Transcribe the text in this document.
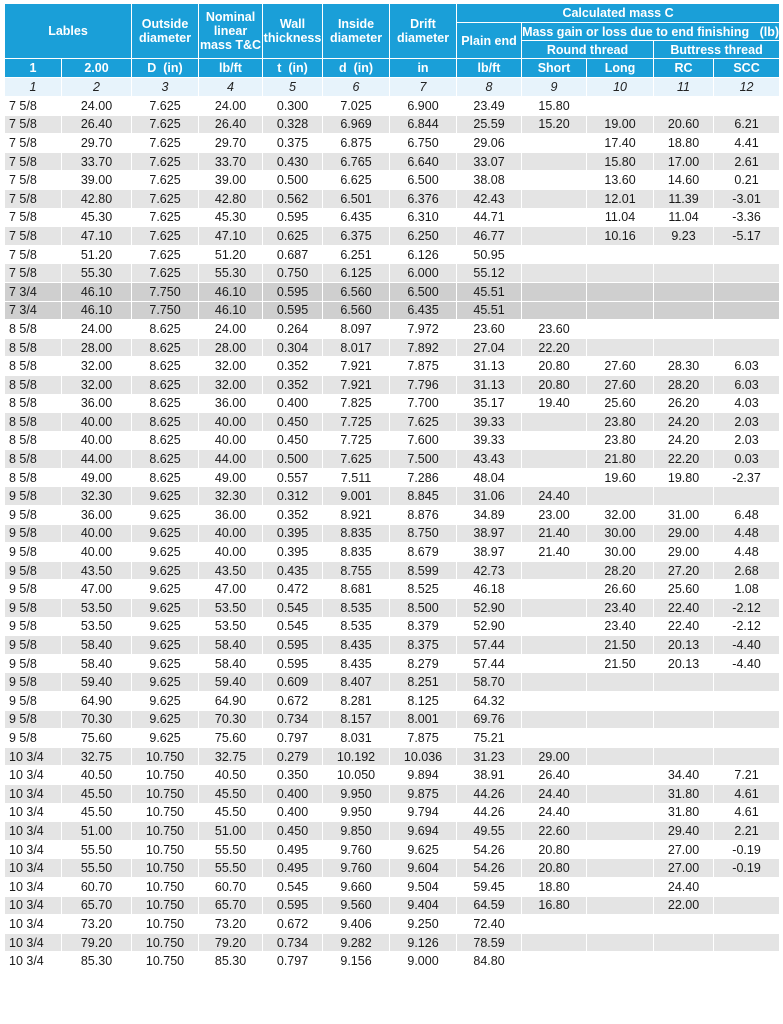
Lables		Outside diameter	Nominal linear mass T&C	Wall thickness	Inside diameter	Drift diameter	Calculated mass C				
							Plain end	Mass gain or loss due to end finishing   (lb)			
								Round thread		Buttress thread	
1	2.00	D  (in)	lb/ft	t  (in)	d  (in)	in	lb/ft	Short	Long	RC	SCC
1	2	3	4	5	6	7	8	9	10	11	12
7 5/8	24.00	7.625	24.00	0.300	7.025	6.900	23.49	15.80			
7 5/8	26.40	7.625	26.40	0.328	6.969	6.844	25.59	15.20	19.00	20.60	6.21
7 5/8	29.70	7.625	29.70	0.375	6.875	6.750	29.06		17.40	18.80	4.41
7 5/8	33.70	7.625	33.70	0.430	6.765	6.640	33.07		15.80	17.00	2.61
7 5/8	39.00	7.625	39.00	0.500	6.625	6.500	38.08		13.60	14.60	0.21
7 5/8	42.80	7.625	42.80	0.562	6.501	6.376	42.43		12.01	11.39	-3.01
7 5/8	45.30	7.625	45.30	0.595	6.435	6.310	44.71		11.04	11.04	-3.36
7 5/8	47.10	7.625	47.10	0.625	6.375	6.250	46.77		10.16	9.23	-5.17
7 5/8	51.20	7.625	51.20	0.687	6.251	6.126	50.95				
7 5/8	55.30	7.625	55.30	0.750	6.125	6.000	55.12				
7 3/4	46.10	7.750	46.10	0.595	6.560	6.500	45.51				
7 3/4	46.10	7.750	46.10	0.595	6.560	6.435	45.51				
8 5/8	24.00	8.625	24.00	0.264	8.097	7.972	23.60	23.60			
8 5/8	28.00	8.625	28.00	0.304	8.017	7.892	27.04	22.20			
8 5/8	32.00	8.625	32.00	0.352	7.921	7.875	31.13	20.80	27.60	28.30	6.03
8 5/8	32.00	8.625	32.00	0.352	7.921	7.796	31.13	20.80	27.60	28.20	6.03
8 5/8	36.00	8.625	36.00	0.400	7.825	7.700	35.17	19.40	25.60	26.20	4.03
8 5/8	40.00	8.625	40.00	0.450	7.725	7.625	39.33		23.80	24.20	2.03
8 5/8	40.00	8.625	40.00	0.450	7.725	7.600	39.33		23.80	24.20	2.03
8 5/8	44.00	8.625	44.00	0.500	7.625	7.500	43.43		21.80	22.20	0.03
8 5/8	49.00	8.625	49.00	0.557	7.511	7.286	48.04		19.60	19.80	-2.37
9 5/8	32.30	9.625	32.30	0.312	9.001	8.845	31.06	24.40			
9 5/8	36.00	9.625	36.00	0.352	8.921	8.876	34.89	23.00	32.00	31.00	6.48
9 5/8	40.00	9.625	40.00	0.395	8.835	8.750	38.97	21.40	30.00	29.00	4.48
9 5/8	40.00	9.625	40.00	0.395	8.835	8.679	38.97	21.40	30.00	29.00	4.48
9 5/8	43.50	9.625	43.50	0.435	8.755	8.599	42.73		28.20	27.20	2.68
9 5/8	47.00	9.625	47.00	0.472	8.681	8.525	46.18		26.60	25.60	1.08
9 5/8	53.50	9.625	53.50	0.545	8.535	8.500	52.90		23.40	22.40	-2.12
9 5/8	53.50	9.625	53.50	0.545	8.535	8.379	52.90		23.40	22.40	-2.12
9 5/8	58.40	9.625	58.40	0.595	8.435	8.375	57.44		21.50	20.13	-4.40
9 5/8	58.40	9.625	58.40	0.595	8.435	8.279	57.44		21.50	20.13	-4.40
9 5/8	59.40	9.625	59.40	0.609	8.407	8.251	58.70				
9 5/8	64.90	9.625	64.90	0.672	8.281	8.125	64.32				
9 5/8	70.30	9.625	70.30	0.734	8.157	8.001	69.76				
9 5/8	75.60	9.625	75.60	0.797	8.031	7.875	75.21				
10 3/4	32.75	10.750	32.75	0.279	10.192	10.036	31.23	29.00			
10 3/4	40.50	10.750	40.50	0.350	10.050	9.894	38.91	26.40		34.40	7.21
10 3/4	45.50	10.750	45.50	0.400	9.950	9.875	44.26	24.40		31.80	4.61
10 3/4	45.50	10.750	45.50	0.400	9.950	9.794	44.26	24.40		31.80	4.61
10 3/4	51.00	10.750	51.00	0.450	9.850	9.694	49.55	22.60		29.40	2.21
10 3/4	55.50	10.750	55.50	0.495	9.760	9.625	54.26	20.80		27.00	-0.19
10 3/4	55.50	10.750	55.50	0.495	9.760	9.604	54.26	20.80		27.00	-0.19
10 3/4	60.70	10.750	60.70	0.545	9.660	9.504	59.45	18.80		24.40	
10 3/4	65.70	10.750	65.70	0.595	9.560	9.404	64.59	16.80		22.00	
10 3/4	73.20	10.750	73.20	0.672	9.406	9.250	72.40				
10 3/4	79.20	10.750	79.20	0.734	9.282	9.126	78.59				
10 3/4	85.30	10.750	85.30	0.797	9.156	9.000	84.80				
